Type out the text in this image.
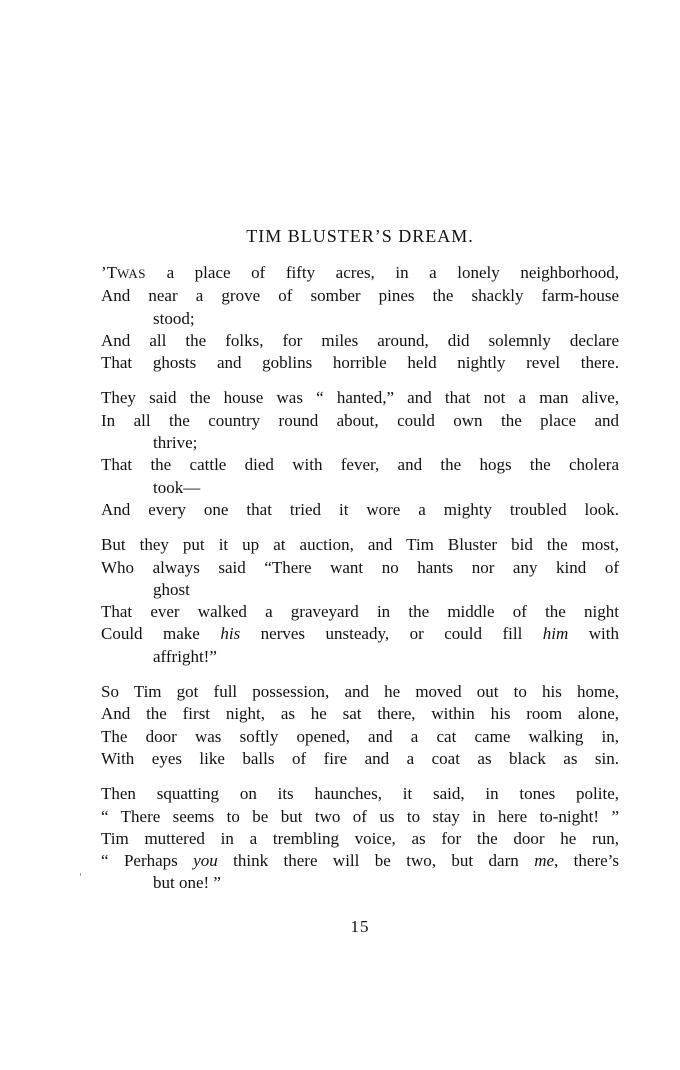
TIM BLUSTER’S DREAM.
’TWAS a place of fifty acres, in a lonely neighborhood,
And near a grove of somber pines the shackly farm-house
stood;
And all the folks, for miles around, did solemnly declare
That ghosts and goblins horrible held nightly revel there.
They said the house was “ hanted,” and that not a man alive,
In all the country round about, could own the place and
thrive;
That the cattle died with fever, and the hogs the cholera
took—
And every one that tried it wore a mighty troubled look.
But they put it up at auction, and Tim Bluster bid the most,
Who always said “There want no hants nor any kind of
ghost
That ever walked a graveyard in the middle of the night
Could make his nerves unsteady, or could fill him with
affright!”
So Tim got full possession, and he moved out to his home,
And the first night, as he sat there, within his room alone,
The door was softly opened, and a cat came walking in,
With eyes like balls of fire and a coat as black as sin.
Then squatting on its haunches, it said, in tones polite,
“ There seems to be but two of us to stay in here to-night! ”
Tim muttered in a trembling voice, as for the door he run,
“ Perhaps you think there will be two, but darn me, there’s
but one! ”
15
